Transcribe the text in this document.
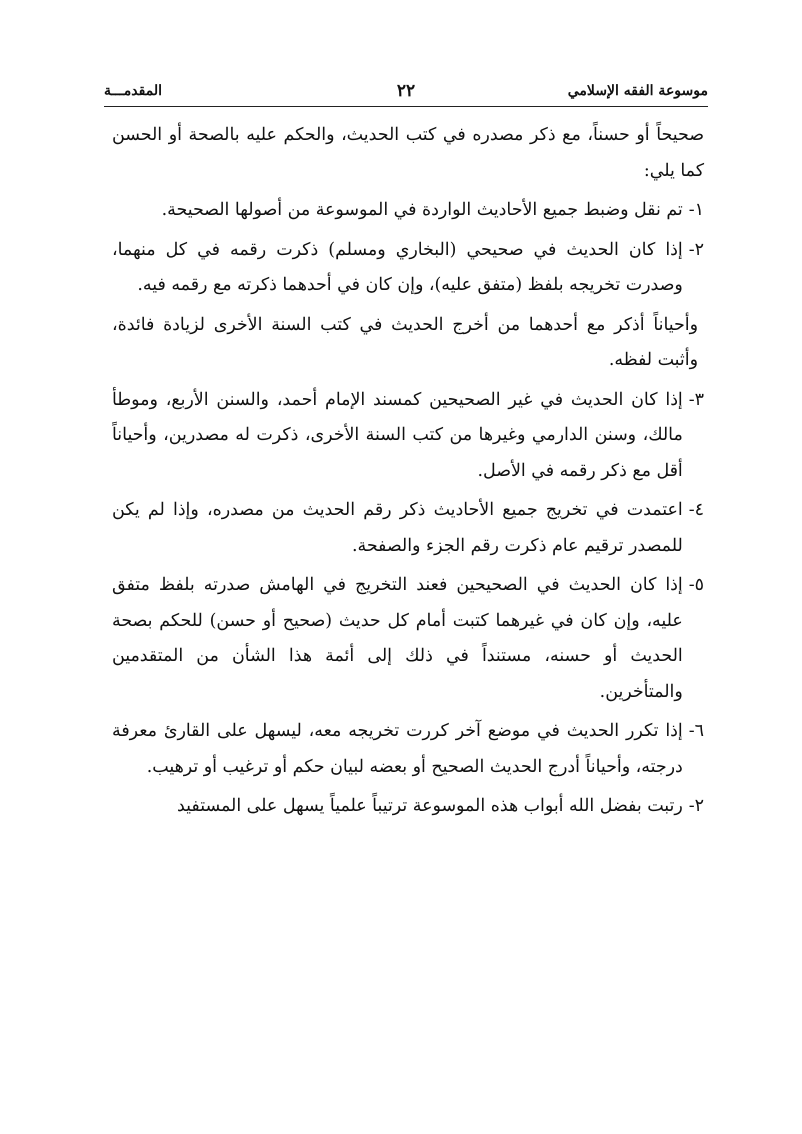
المقدمـــة	٢٢	موسوعة الفقه الإسلامي

صحيحاً أو حسناً، مع ذكر مصدره في كتب الحديث، والحكم عليه بالصحة أو الحسن كما يلي:

١-
تم نقل وضبط جميع الأحاديث الواردة في الموسوعة من أصولها الصحيحة.
٢-
إذا كان الحديث في صحيحي (البخاري ومسلم) ذكرت رقمه في كل منهما، وصدرت تخريجه بلفظ (متفق عليه)، وإن كان في أحدهما ذكرته مع رقمه فيه.
وأحياناً أذكر مع أحدهما من أخرج الحديث في كتب السنة الأخرى لزيادة فائدة، وأثبت لفظه.
٣-
إذا كان الحديث في غير الصحيحين كمسند الإمام أحمد، والسنن الأربع، وموطأ مالك، وسنن الدارمي وغيرها من كتب السنة الأخرى، ذكرت له مصدرين، وأحياناً أقل مع ذكر رقمه في الأصل.
٤-
اعتمدت في تخريج جميع الأحاديث ذكر رقم الحديث من مصدره، وإذا لم يكن للمصدر ترقيم عام ذكرت رقم الجزء والصفحة.
٥-
إذا كان الحديث في الصحيحين فعند التخريج في الهامش صدرته بلفظ متفق عليه، وإن كان في غيرهما كتبت أمام كل حديث (صحيح أو حسن) للحكم بصحة الحديث أو حسنه، مستنداً في ذلك إلى أئمة هذا الشأن من المتقدمين والمتأخرين.
٦-
إذا تكرر الحديث في موضع آخر كررت تخريجه معه، ليسهل على القارئ معرفة درجته، وأحياناً أدرج الحديث الصحيح أو بعضه لبيان حكم أو ترغيب أو ترهيب.
٢-
رتبت بفضل الله أبواب هذه الموسوعة ترتيباً علمياً يسهل على المستفيد
